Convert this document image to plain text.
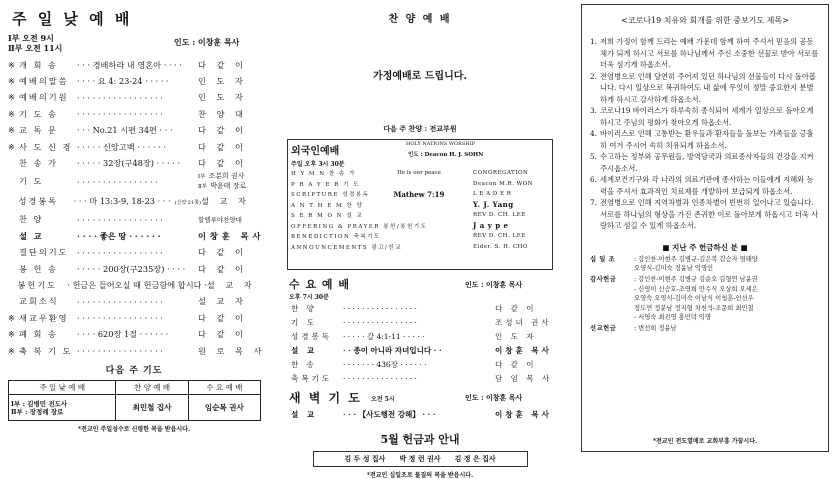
주 일 낮 예 배
Ⅰ부 오전 9시
Ⅱ부 오전 11시
인도 : 이창훈 목사
※ 개 회 송	· · · 경배하라 내 영혼아 · · · ·	다 같 이
※ 예배의말씀	· · · · 요 4: 23-24 · · · · ·	인 도 자
※ 예배의기원	· · · · · · · · · · · · · · · · ·	인 도 자
※ 기 도 송	· · · · · · · · · · · · · · · · ·	찬 양 대
※ 교 독 문	· · · No.21 시편 34편 · · ·	다 같 이
※ 사 도 신 경 · · · · · 신앙고백 · · · · · ·	다 같 이
찬 송 가	· · · · · 32장(구48장) · · · · ·	다 같 이
기 도	· · · · · · · · · · · · · · · ·	Ⅰ부 조분희 권사
Ⅱ부 박윤태 장로
성경봉독	· · · 마 13:3-9, 18-23 · · · (신약 21쪽) 설 교 자
찬 양	· · · · · · · · · · · · · · · · ·	할렐루야찬양대
설 교	· · · · 좋은 땅 · · · · · ·	이창훈 목사
결단의기도	· · · · · · · · · · · · · · · · ·	다 같 이
봉 헌 송	· · · · · 200장(구235장) · · · ·	다 같 이
봉헌기도	· 헌금은 들어오실 때 헌금함에 합시다 · 설 교 자
교회소식	· · · · · · · · · · · · · · · · ·	설 교 자
※ 새교우환영	· · · · · · · · · · · · · · · · ·	다 같 이
※ 폐 회 송	· · · · 620장 1절 · · · · · ·	다 같 이
※ 축 복 기 도 · · · · · · · · · · · · · · · · ·	원 로 목 사
다음 주 기도
주 일 낮 예 배	찬 양 예 배	수 요 예 배

Ⅰ부 : 김병민 전도사
Ⅱ부 : 장정례 장로	최민철 집사	임순복 권사
*전교인 주일성수로 신령한 복을 받읍시다.
찬 양 예 배
가정예배로 드립니다.
다음 주 찬양 : 전교부원
외국인예배
HOLY NATIONS WORSHIP
인도 : Deacon H. J. SOHN
주일 오후 3시 30분
H Y M N 찬 송 가	He is our peace	CONGREGATION
P R A Y E R 기 도	Deacon M.R. WON
SCRIPTURE 성경봉독	Mathew 7:19	L E A D E R
A N T H E M 찬 양	Y. J. Yang
S E R M O N 설 교	REV D. CH. LEE
OFFERING & PRAYER 봉헌/봉헌기도	J a y p e
BENEDICTION 축복기도	REV D. CH. LEE
ANNOUNCEMENTS 광고/친교	Elder. S. H. CHO
수 요 예 배	인도 : 이창훈 목사
오후 7시 30분
찬 양	· · · · · · · · · · · · · · · ·	다 같 이
기 도	· · · · · · · · · · · · · · · ·	조성녀 권사
성경봉독	· · · · · 갈 4:1-11 · · · · ·	인 도 자
설 교	· · 종이 아니라 자녀입니다 · ·	이창훈 목사
찬 송	· · · · · · · 436장 · · · · · ·	다 같 이
축복기도	· · · · · · · · · · · · · · · ·	담 임 목 사
새 벽 기 도 오전 5시	인도 : 이창훈 목사
설 교	· · · 【사도행전 강해】 · · ·	이창훈 목사
5월 헌금과 안내
김 두 성 집사 박 정 런 권사 김 정 은 집사
*전교인 십일조로 물질의 복을 받읍시다.
<코로나19 치유와 회개를 위한 중보기도 제목>
1. 저희 가정이 함께 드리는 예배 가운데 함께 하여 주셔서 믿음의 공동체가 되게 하시고 서로를 하나님께서 주신 소중한 선물로 받아 서로를 더욱 섬기게 하옵소서.
2. 전염병으로 인해 당연히 주어져 있던 하나님의 선물들이 다시 돌아봅니다. 다시 일상으로 복귀하여도 내 삶에 무엇이 정말 중요한지 분별하게 하시고 감사하게 하옵소서.
3. 코로나19 바이러스가 하루속히 종식되어 세계가 일상으로 돌아오게 하시고 주님의 평화가 찾아오게 하옵소서.
4. 바이러스로 인해 고통받는 환우들과 환자들을 돌보는 가족들을 긍휼히 여겨 주시어 속히 치유되게 하옵소서.
5. 수고하는 정부와 공무원들, 방역당국과 의료종사자들의 건강을 지켜 주시옵소서.
6. 세계보건기구와 각 나라의 의료기관에 종사하는 이들에게 지혜와 능력을 주셔서 효과적인 치료제를 개발하여 보급되게 하옵소서.
7. 전염병으로 인해 지역차별과 인종차별이 빈번히 일어나고 있습니다. 서로를 하나님의 형상을 가진 존귀한 이로 돌아보게 하옵시고 더욱 사랑하고 섬길 수 있게 하옵소서.
■ 지난 주 헌금하신 분 ■
십 일 조	: 강인찬-이현주 김병규-김은복 김승자 염태양
오영식-김미숙 정윤남 익명인
감사헌금	: 강인찬-이현주 김병규 김순오 김형연 남윤권
- 신영미 신승호-조영희 안수식 오상희 오세은
오영숙 오영식-김미숙 이남식 이청훈-인선우
정도연 정분남 정지형 차천석-조문희 최민철
- 서영숙 최진영 홍민덕 익명
선교헌금	: 변선희 정윤남
*전교인 전도열매로 교회부흥 가꿉시다.
